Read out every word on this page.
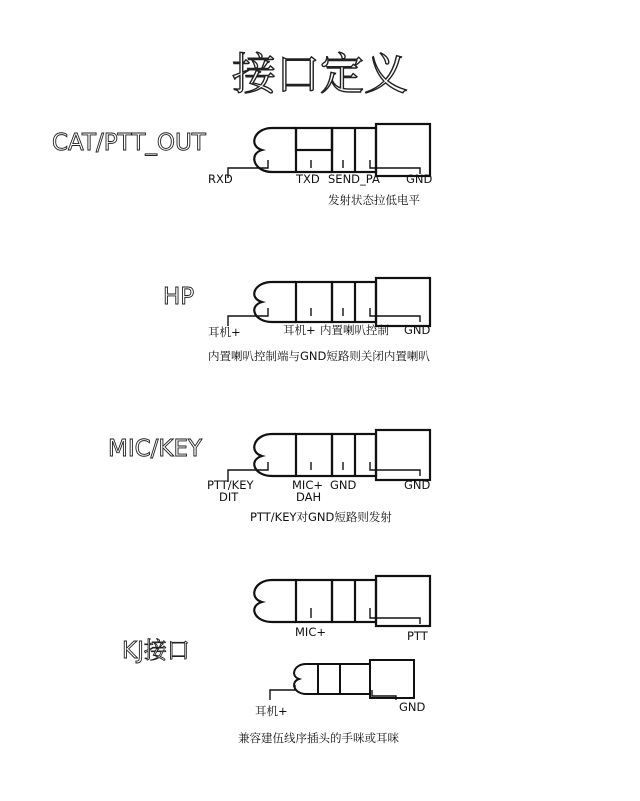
接口定义
CAT/PTT_OUT
RXD	TXD SEND_PA GND
发射状态拉低电平
HP
耳机+	耳机+ 内置喇叭控制 GND
内置喇叭控制端与GND短路则关闭内置喇叭
MIC/KEY
PTT/KEY
DIT
MIC+
DAH
GND	GND
PTT/KEY对GND短路则发射
KJ接口
MIC+	PTT
耳机+	GND
兼容建伍线序插头的手咪或耳咪
